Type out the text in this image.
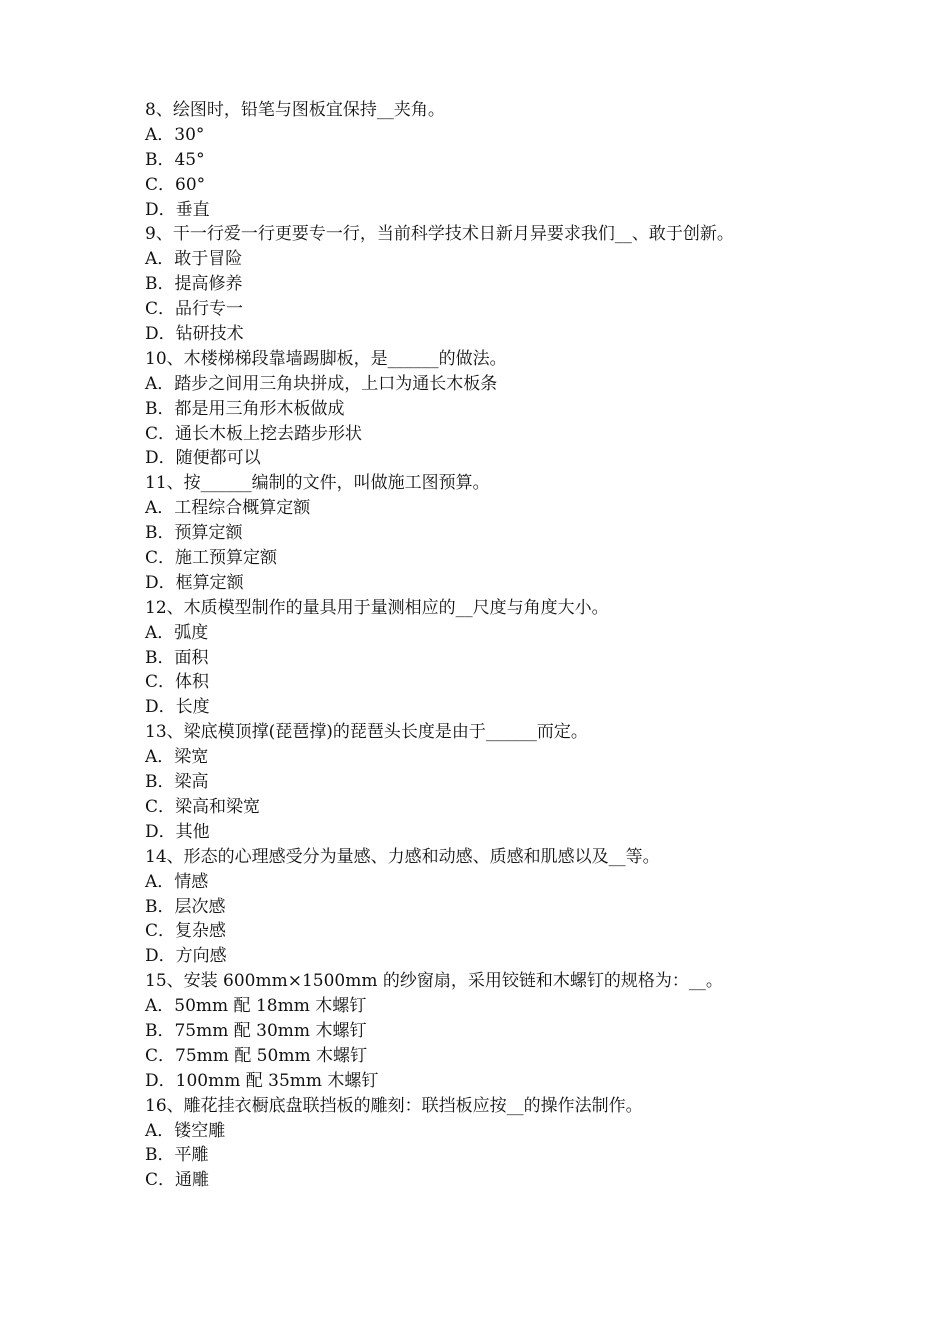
8、绘图时，铅笔与图板宜保持__夹角。
A．30°
B．45°
C．60°
D．垂直
9、干一行爱一行更要专一行，当前科学技术日新月异要求我们__、敢于创新。
A．敢于冒险
B．提高修养
C．品行专一
D．钻研技术
10、木楼梯梯段靠墙踢脚板，是______的做法。
A．踏步之间用三角块拼成，上口为通长木板条
B．都是用三角形木板做成
C．通长木板上挖去踏步形状
D．随便都可以
11、按______编制的文件，叫做施工图预算。
A．工程综合概算定额
B．预算定额
C．施工预算定额
D．框算定额
12、木质模型制作的量具用于量测相应的__尺度与角度大小。
A．弧度
B．面积
C．体积
D．长度
13、梁底模顶撑(琵琶撑)的琵琶头长度是由于______而定。
A．梁宽
B．梁高
C．梁高和梁宽
D．其他
14、形态的心理感受分为量感、力感和动感、质感和肌感以及__等。
A．情感
B．层次感
C．复杂感
D．方向感
15、安装 600mm×1500mm 的纱窗扇，采用铰链和木螺钉的规格为：__。
A．50mm 配 18mm 木螺钉
B．75mm 配 30mm 木螺钉
C．75mm 配 50mm 木螺钉
D．100mm 配 35mm 木螺钉
16、雕花挂衣橱底盘联挡板的雕刻：联挡板应按__的操作法制作。
A．镂空雕
B．平雕
C．通雕
